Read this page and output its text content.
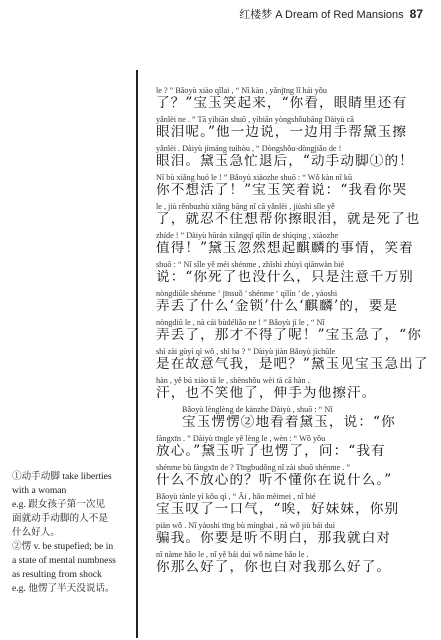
红楼梦 A Dream of Red Mansions 87
le ? ” Bǎoyù xiào qǐlai , “ Nǐ kàn , yǎnjīng lǐ hái yǒu
了？”宝玉笑起来，“你看，眼睛里还有
yǎnlèi ne . ” Tā yìbiān shuō , yìbiān yòngshǒubāng Dàiyù cā
眼泪呢。”他一边说，一边用手帮黛玉擦
yǎnlèi . Dàiyù jímáng tuìhòu , “ Dòngshǒu-dòngjiǎo de !
眼泪。黛玉急忙退后，“动手动脚①的！
Nǐ bù xiǎng huó le ! ” Bǎoyù xiàozhe shuō : “ Wǒ kàn nǐ kū
你不想活了！”宝玉笑着说：“我看你哭
le , jiù rěnbuzhù xiǎng bāng nǐ cā yǎnlèi , jiùshì sǐle yě
了，就忍不住想帮你擦眼泪，就是死了也
zhíde ! ” Dàiyù hūrán xiǎngqǐ qílín de shìqing , xiàozhe
值得！”黛玉忽然想起麒麟的事情，笑着
shuō : “ Nǐ sǐle yě méi shénme , zhǐshì zhùyì qiānwàn bié
说：“你死了也没什么，只是注意千万别
nòngdiūle shénme ‘ jīnsuǒ ’ shénme ‘ qílín ’ de , yàoshi
弄丢了什么‘金锁’什么‘麒麟’的，要是
nòngdiū le , nà cái bùdéliǎo ne ! ” Bǎoyù jí le , “ Nǐ
弄丢了，那才不得了呢！”宝玉急了，“你
shì zài gùyì qì wǒ , shì ba ? ” Dàiyù jiàn Bǎoyù jíchūle
是在故意气我，是吧？”黛玉见宝玉急出了
hàn , yě bú xiào tā le , shēnshǒu wèi tā cā hàn .
汗，也不笑他了，伸手为他擦汗。
Bǎoyù lènglèng de kànzhe Dàiyù , shuō : “ Nǐ
宝玉愣愣②地看着黛玉，说：“你
fàngxīn . ” Dàiyù tīngle yě lèng le , wèn : “ Wǒ yǒu
放心。”黛玉听了也愣了，问：“我有
shénme bù fàngxīn de ? Tīngbudǒng nǐ zài shuō shénme . ”
什么不放心的？听不懂你在说什么。”
Bǎoyù tànle yì kǒu qì , “ Āi , hǎo mèimei , nǐ bié
宝玉叹了一口气，“唉，好妹妹，你别
piàn wǒ . Nǐ yàoshi tīng bù míngbai , nà wǒ jiù bái duì
骗我。你要是听不明白，那我就白对
nǐ nàme hǎo le , nǐ yě bái duì wǒ nàme hǎo le .
你那么好了，你也白对我那么好了。
①动手动脚 take liberties
with a woman
e.g. 跟女孩子第一次见
面就动手动脚的人不是
什么好人。
②愣 v. be stupefied; be in
a state of mental numbness
as resulting from shock
e.g. 他愣了半天没说话。
